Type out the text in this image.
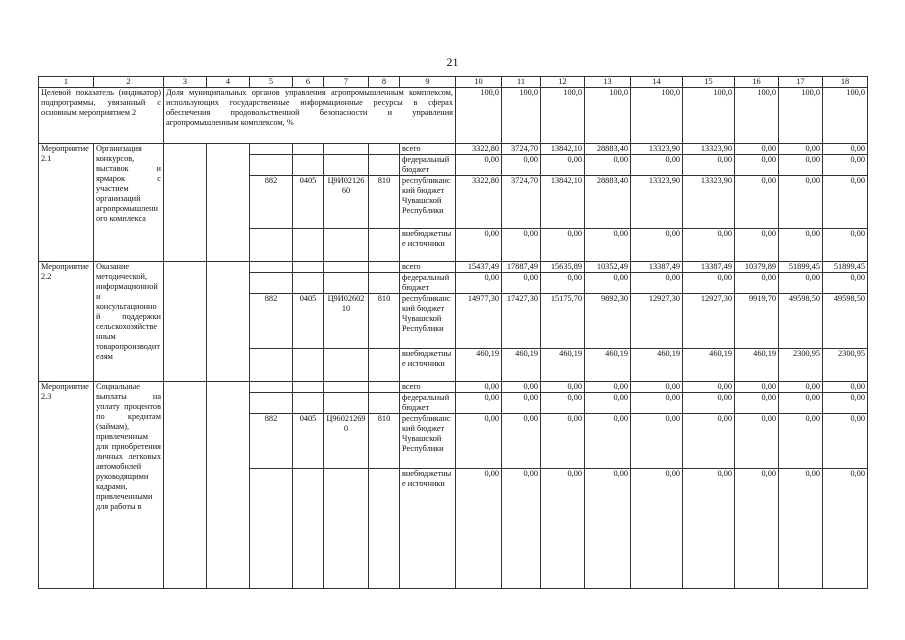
21
1	2	3	4	5	6	7	8	9	10	11	12	13	14	15	16	17	18
Целевой показатель (индикатор) подпрограммы, увязанный с основным мероприятием 2		Доля муниципальных органов управления агропромышленным комплексом, использующих государственные информационные ресурсы в сферах обеспечения продовольственной безопасности и управления агропромышленным комплексом, %							100,0	100,0	100,0	100,0	100,0	100,0	100,0	100,0	100,0
Мероприятие 2.1	Организация конкурсов, выставок и ярмарок с участием организаций агропромышленного комплекса							всего	3322,80	3724,70	13842,10	28883,40	13323,90	13323,90	0,00	0,00	0,00
								федеральный бюджет	0,00	0,00	0,00	0,00	0,00	0,00	0,00	0,00	0,00
				882	0405	Ц9И0212660	810	республиканский бюджет Чувашской Республики	3322,80	3724,70	13842,10	28883,40	13323,90	13323,90	0,00	0,00	0,00
								внебюджетные источники	0,00	0,00	0,00	0,00	0,00	0,00	0,00	0,00	0,00
Мероприятие 2.2	Оказание методической, информационной и консультационной поддержки сельскохозяйственным товаропроизводителям							всего	15437,49	17887,49	15635,89	10352,49	13387,49	13387,49	10379,89	51899,45	51899,45
								федеральный бюджет	0,00	0,00	0,00	0,00	0,00	0,00	0,00	0,00	0,00
				882	0405	Ц9И0260210	810	республиканский бюджет Чувашской Республики	14977,30	17427,30	15175,70	9892,30	12927,30	12927,30	9919,70	49598,50	49598,50
								внебюджетные источники	460,19	460,19	460,19	460,19	460,19	460,19	460,19	2300,95	2300,95
Мероприятие 2.3	Социальные выплаты на уплату процентов по кредитам (займам), привлеченным для приобретения личных легковых автомобилей руководящими кадрами, привлеченными для работы в							всего	0,00	0,00	0,00	0,00	0,00	0,00	0,00	0,00	0,00
								федеральный бюджет	0,00	0,00	0,00	0,00	0,00	0,00	0,00	0,00	0,00
				882	0405	Ц960212690	810	республиканский бюджет Чувашской Республики	0,00	0,00	0,00	0,00	0,00	0,00	0,00	0,00	0,00
								внебюджетные источники	0,00	0,00	0,00	0,00	0,00	0,00	0,00	0,00	0,00
